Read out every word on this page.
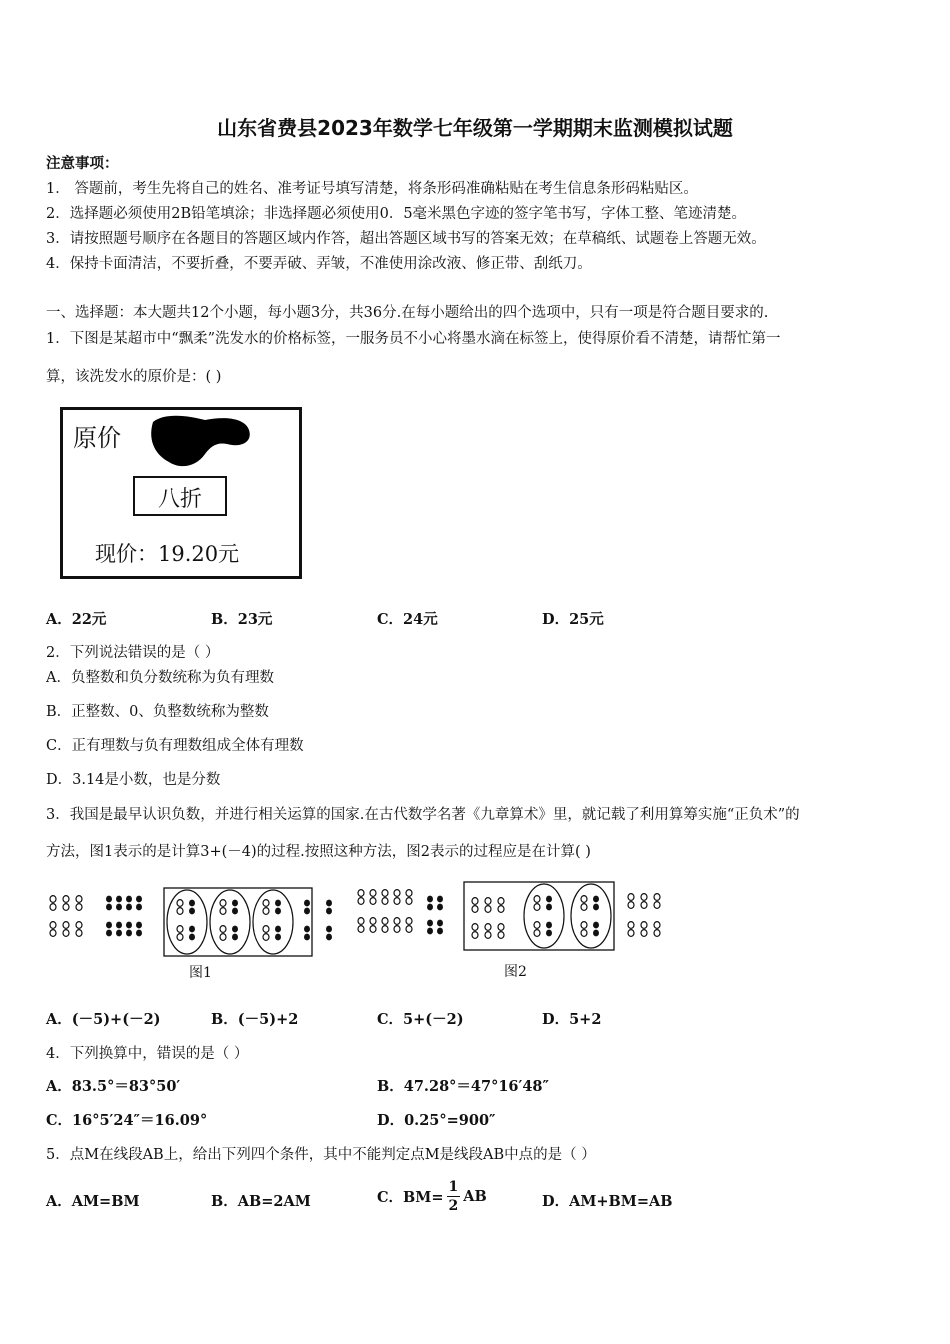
山东省费县2023年数学七年级第一学期期末监测模拟试题
注意事项：
1． 答题前，考生先将自己的姓名、准考证号填写清楚，将条形码准确粘贴在考生信息条形码粘贴区。
2．选择题必须使用2B铅笔填涂；非选择题必须使用0．5毫米黑色字迹的签字笔书写，字体工整、笔迹清楚。
3．请按照题号顺序在各题目的答题区域内作答，超出答题区域书写的答案无效；在草稿纸、试题卷上答题无效。
4．保持卡面清洁，不要折叠，不要弄破、弄皱，不准使用涂改液、修正带、刮纸刀。
一、选择题：本大题共12个小题，每小题3分，共36分.在每小题给出的四个选项中，只有一项是符合题目要求的.
1．下图是某超市中“飘柔”洗发水的价格标签，一服务员不小心将墨水滴在标签上，使得原价看不清楚，请帮忙第一
算，该洗发水的原价是：( )
原价
八折
现价：19.20元
A．22元	B．23元	C．24元	D．25元
2．下列说法错误的是（ ）
A．负整数和负分数统称为负有理数
B．正整数、0、负整数统称为整数
C．正有理数与负有理数组成全体有理数
D．3.14是小数，也是分数
3．我国是最早认识负数，并进行相关运算的国家.在古代数学名著《九章算术》里，就记载了利用算筹实施“正负术”的
方法，图1表示的是计算3+(－4)的过程.按照这种方法，图2表示的过程应是在计算( )
图1	图2
A．(－5)+(－2)	B．(－5)+2	C．5+(－2)	D．5+2
4．下列换算中，错误的是（ ）
A．83.5°＝83°50′	B．47.28°＝47°16′48″
C．16°5′24″＝16.09°	D．0.25°=900″
5．点M在线段AB上，给出下列四个条件，其中不能判定点M是线段AB中点的是（ ）
A．AM=BM	B．AB=2AM	C．$BM= \frac{1}{2}$ AB	D．AM+BM=AB
